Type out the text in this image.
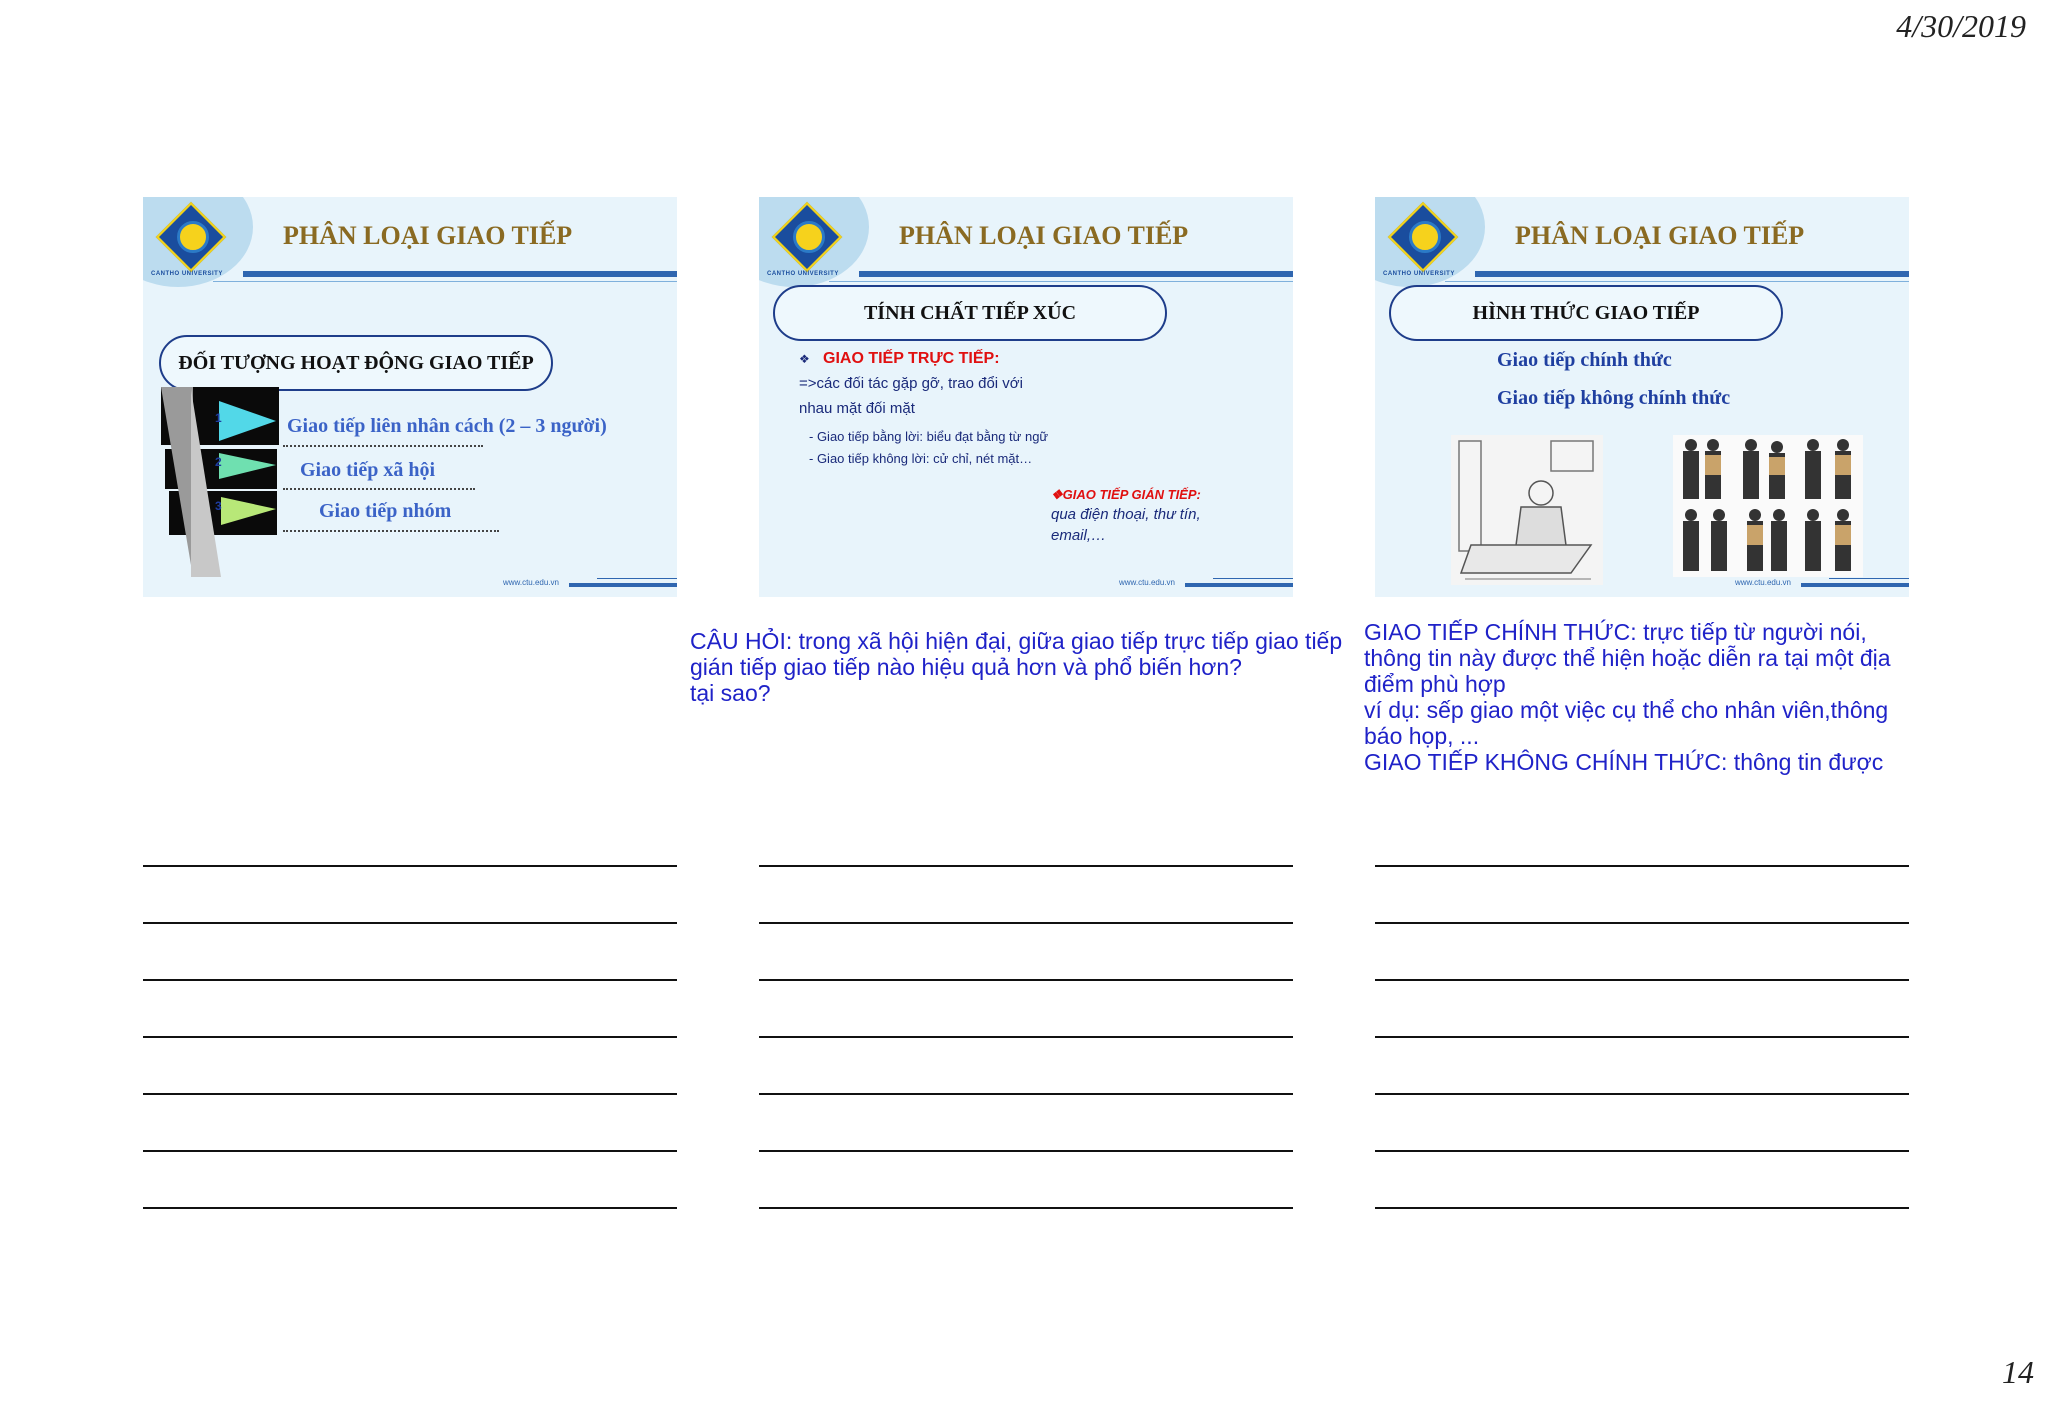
4/30/2019
CANTHO UNIVERSITY
PHÂN LOẠI GIAO TIẾP
ĐỐI TƯỢNG HOẠT ĐỘNG GIAO TIẾP
1
2
3
Giao tiếp liên nhân cách (2 – 3 người)
Giao tiếp xã hội
Giao tiếp nhóm
www.ctu.edu.vn
CANTHO UNIVERSITY
PHÂN LOẠI GIAO TIẾP
TÍNH CHẤT TIẾP XÚC
❖ GIAO TIẾP TRỰC TIẾP:
=>các đối tác gặp gỡ, trao đổi với
nhau mặt đối mặt
- Giao tiếp bằng lời: biểu đạt bằng từ ngữ
- Giao tiếp không lời: cử chỉ, nét mặt…
❖GIAO TIẾP GIÁN TIẾP:
qua điện thoại, thư tín,
email,…
www.ctu.edu.vn
CANTHO UNIVERSITY
PHÂN LOẠI GIAO TIẾP
HÌNH THỨC GIAO TIẾP
Giao tiếp chính thức
Giao tiếp không chính thức
www.ctu.edu.vn
CÂU HỎI: trong xã hội hiện đại, giữa giao tiếp trực tiếp giao tiếp
gián tiếp giao tiếp nào hiệu quả hơn và phổ biến hơn?
tại sao?
GIAO TIẾP CHÍNH THỨC: trực tiếp từ người nói,
thông tin này được thể hiện hoặc diễn ra tại một địa
điểm phù hợp
ví dụ: sếp giao một việc cụ thể cho nhân viên,thông
báo họp, ...
GIAO TIẾP KHÔNG CHÍNH THỨC: thông tin được
14
